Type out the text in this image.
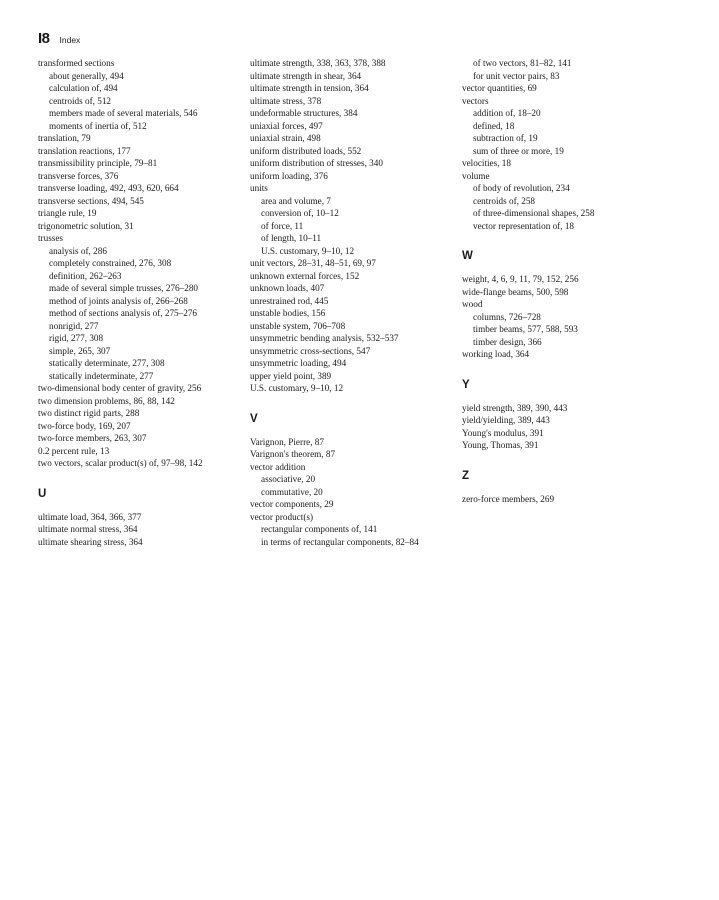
I8 Index
transformed sections
about generally, 494
calculation of, 494
centroids of, 512
members made of several materials, 546
moments of inertia of, 512
translation, 79
translation reactions, 177
transmissibility principle, 79–81
transverse forces, 376
transverse loading, 492, 493, 620, 664
transverse sections, 494, 545
triangle rule, 19
trigonometric solution, 31
trusses
analysis of, 286
completely constrained, 276, 308
definition, 262–263
made of several simple trusses, 276–280
method of joints analysis of, 266–268
method of sections analysis of, 275–276
nonrigid, 277
rigid, 277, 308
simple, 265, 307
statically determinate, 277, 308
statically indeterminate, 277
two-dimensional body center of gravity, 256
two dimension problems, 86, 88, 142
two distinct rigid parts, 288
two-force body, 169, 207
two-force members, 263, 307
0.2 percent rule, 13
two vectors, scalar product(s) of, 97–98, 142
U
ultimate load, 364, 366, 377
ultimate normal stress, 364
ultimate shearing stress, 364
ultimate strength, 338, 363, 378, 388
ultimate strength in shear, 364
ultimate strength in tension, 364
ultimate stress, 378
undeformable structures, 384
uniaxial forces, 497
uniaxial strain, 498
uniform distributed loads, 552
uniform distribution of stresses, 340
uniform loading, 376
units
area and volume, 7
conversion of, 10–12
of force, 11
of length, 10–11
U.S. customary, 9–10, 12
unit vectors, 28–31, 48–51, 69, 97
unknown external forces, 152
unknown loads, 407
unrestrained rod, 445
unstable bodies, 156
unstable system, 706–708
unsymmetric bending analysis, 532–537
unsymmetric cross-sections, 547
unsymmetric loading, 494
upper yield point, 389
U.S. customary, 9–10, 12
V
Varignon, Pierre, 87
Varignon's theorem, 87
vector addition
associative, 20
commutative, 20
vector components, 29
vector product(s)
rectangular components of, 141
in terms of rectangular components, 82–84
of two vectors, 81–82, 141
for unit vector pairs, 83
vector quantities, 69
vectors
addition of, 18–20
defined, 18
subtraction of, 19
sum of three or more, 19
velocities, 18
volume
of body of revolution, 234
centroids of, 258
of three-dimensional shapes, 258
vector representation of, 18
W
weight, 4, 6, 9, 11, 79, 152, 256
wide-flange beams, 500, 598
wood
columns, 726–728
timber beams, 577, 588, 593
timber design, 366
working load, 364
Y
yield strength, 389, 390, 443
yield/yielding, 389, 443
Young's modulus, 391
Young, Thomas, 391
Z
zero-force members, 269
